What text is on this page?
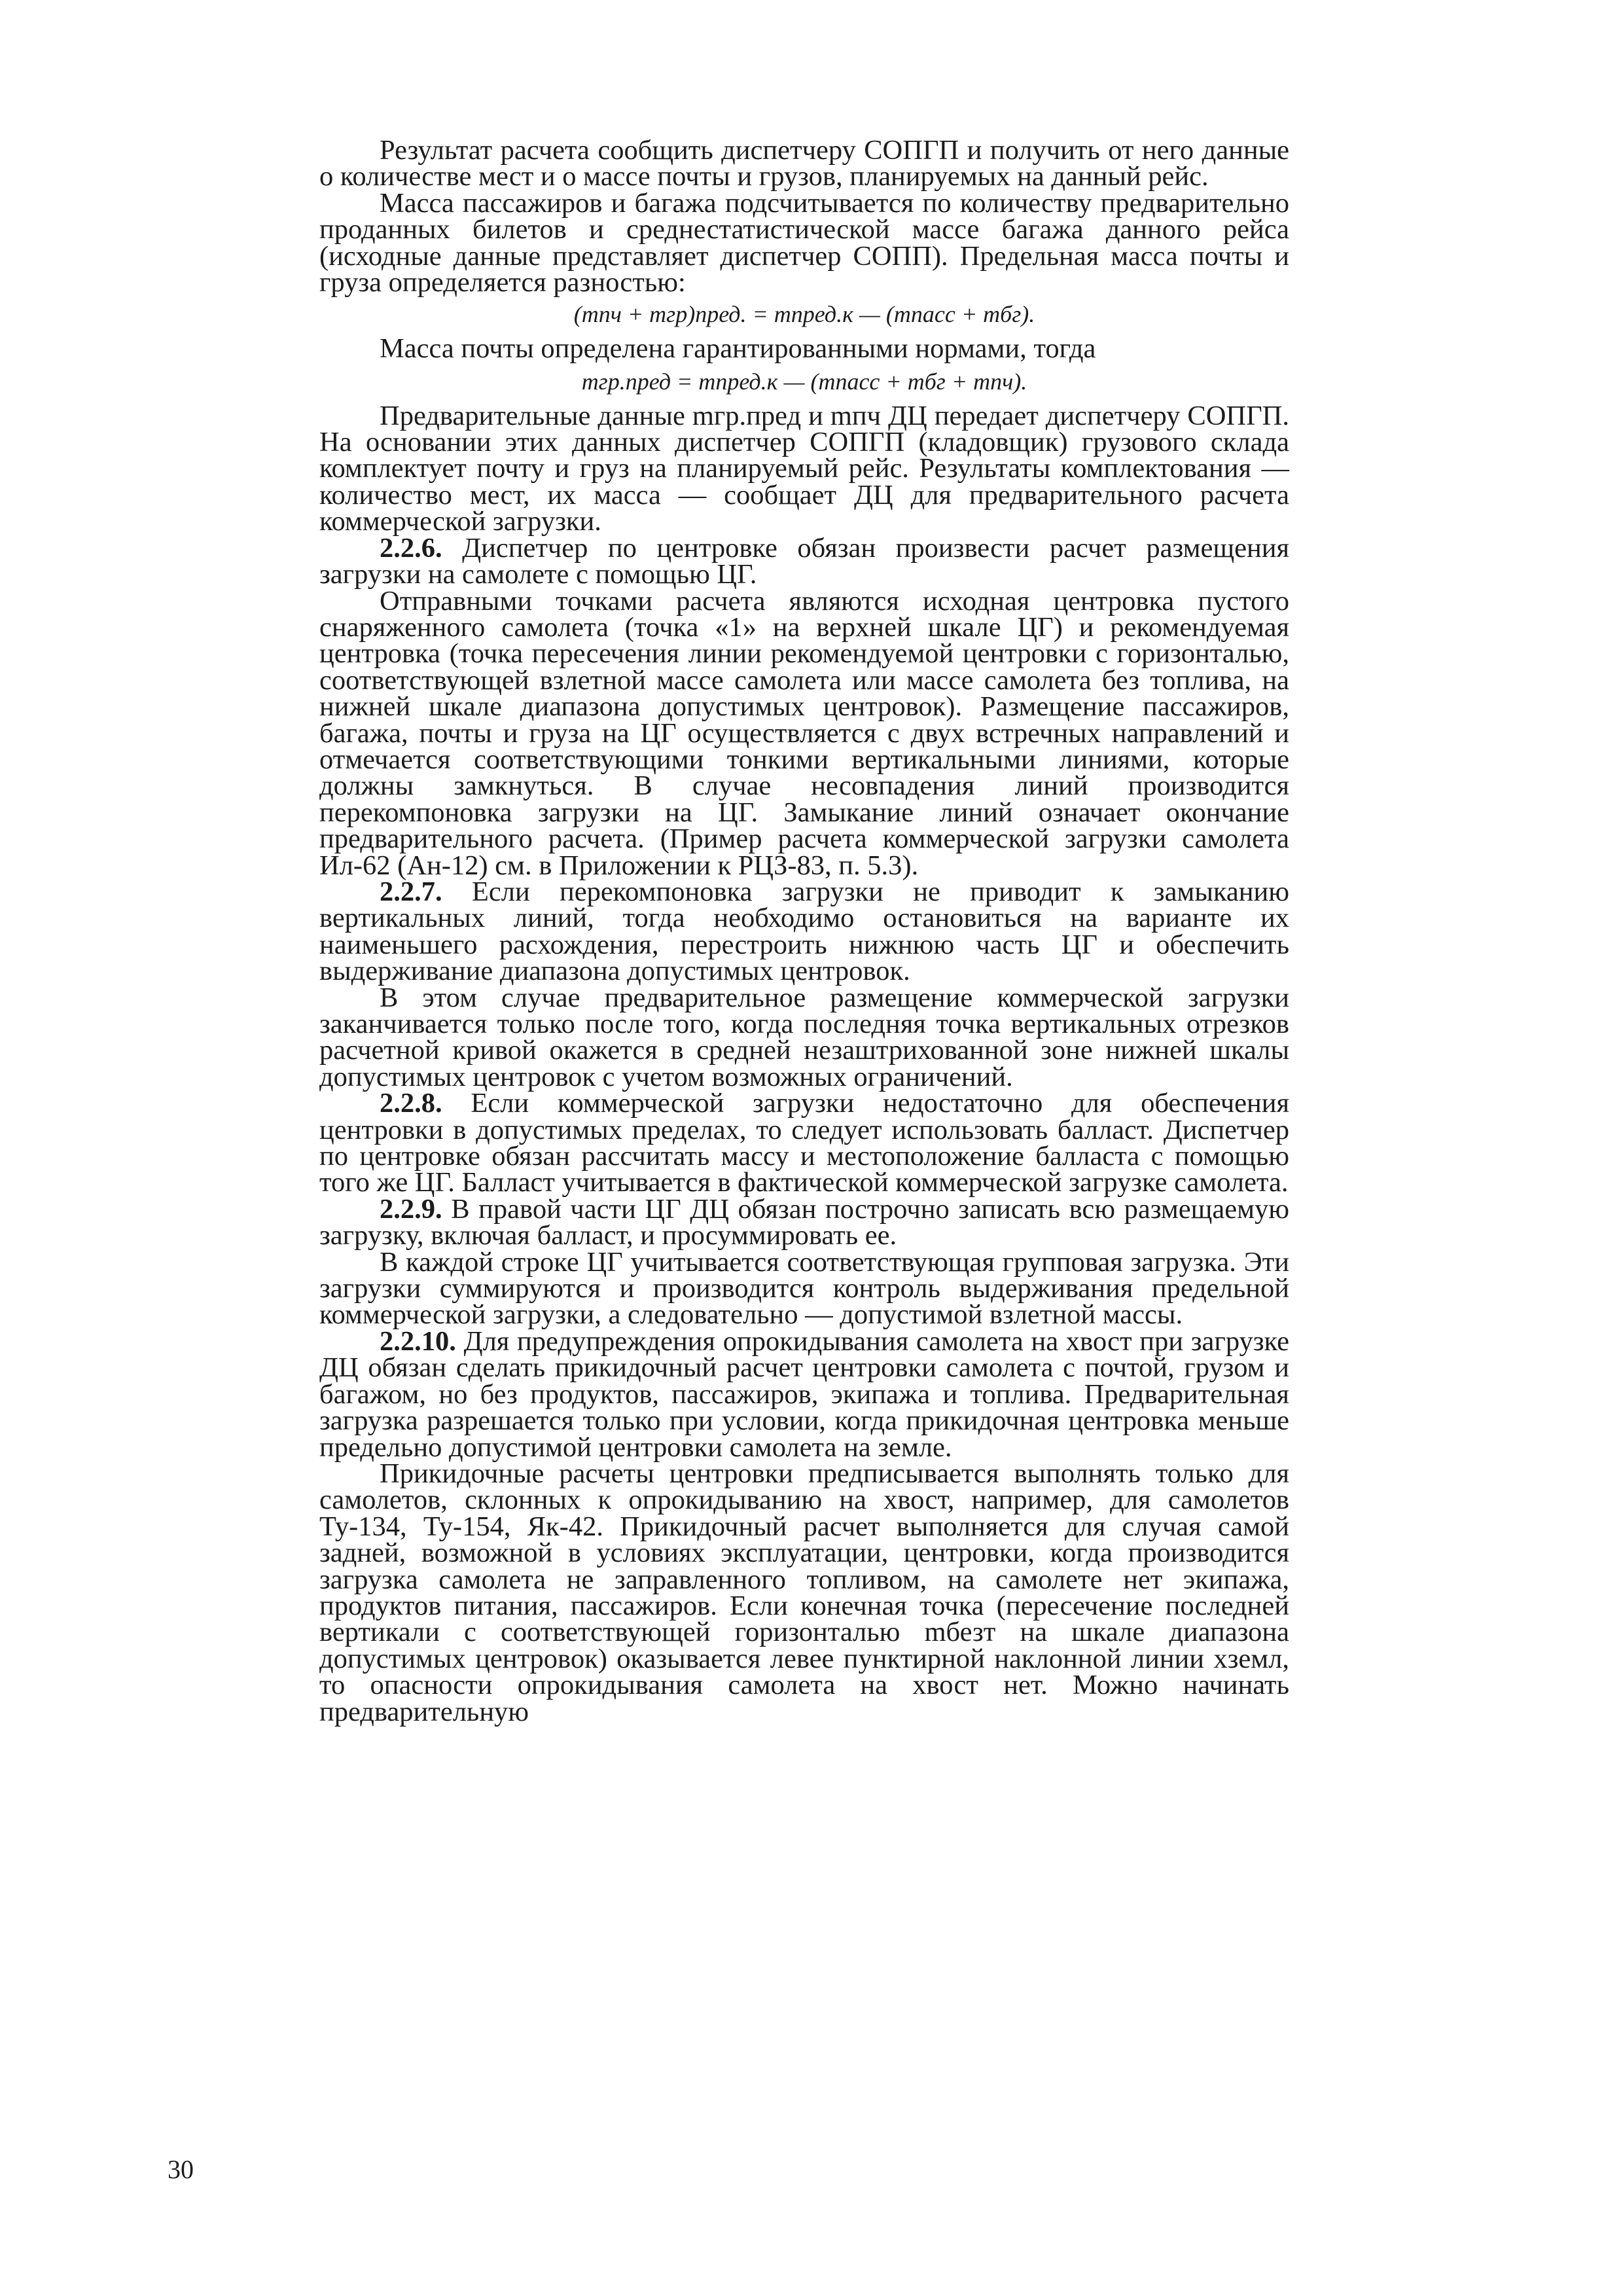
Результат расчета сообщить диспетчеру СОПГП и получить от него данные о количестве мест и о массе почты и грузов, планируемых на данный рейс.

Масса пассажиров и багажа подсчитывается по количеству предварительно проданных билетов и среднестатистической массе багажа данного рейса (исходные данные представляет диспетчер СОПП). Предельная масса почты и груза определяется разностью:

(mпч + mгр)пред. = mпред.к — (mпасс + mбг).

Масса почты определена гарантированными нормами, тогда

mгр.пред = mпред.к — (mпасс + mбг + mпч).

Предварительные данные mгр.пред и mпч ДЦ передает диспетчеру СОПГП. На основании этих данных диспетчер СОПГП (кладовщик) грузового склада комплектует почту и груз на планируемый рейс. Результаты комплектования — количество мест, их масса — сообщает ДЦ для предварительного расчета коммерческой загрузки.

2.2.6. Диспетчер по центровке обязан произвести расчет размещения загрузки на самолете с помощью ЦГ.

Отправными точками расчета являются исходная центровка пустого снаряженного самолета (точка «1» на верхней шкале ЦГ) и рекомендуемая центровка (точка пересечения линии рекомендуемой центровки с горизонталью, соответствующей взлетной массе самолета или массе самолета без топлива, на нижней шкале диапазона допустимых центровок). Размещение пассажиров, багажа, почты и груза на ЦГ осуществляется с двух встречных направлений и отмечается соответствующими тонкими вертикальными линиями, которые должны замкнуться. В случае несовпадения линий производится перекомпоновка загрузки на ЦГ. Замыкание линий означает окончание предварительного расчета. (Пример расчета коммерческой загрузки самолета Ил-62 (Ан-12) см. в Приложении к РЦЗ-83, п. 5.3).

2.2.7. Если перекомпоновка загрузки не приводит к замыканию вертикальных линий, тогда необходимо остановиться на варианте их наименьшего расхождения, перестроить нижнюю часть ЦГ и обеспечить выдерживание диапазона допустимых центровок.

В этом случае предварительное размещение коммерческой загрузки заканчивается только после того, когда последняя точка вертикальных отрезков расчетной кривой окажется в средней незаштрихованной зоне нижней шкалы допустимых центровок с учетом возможных ограничений.

2.2.8. Если коммерческой загрузки недостаточно для обеспечения центровки в допустимых пределах, то следует использовать балласт. Диспетчер по центровке обязан рассчитать массу и местоположение балласта с помощью того же ЦГ. Балласт учитывается в фактической коммерческой загрузке самолета.

2.2.9. В правой части ЦГ ДЦ обязан построчно записать всю размещаемую загрузку, включая балласт, и просуммировать ее.

В каждой строке ЦГ учитывается соответствующая групповая загрузка. Эти загрузки суммируются и производится контроль выдерживания предельной коммерческой загрузки, а следовательно — допустимой взлетной массы.

2.2.10. Для предупреждения опрокидывания самолета на хвост при загрузке ДЦ обязан сделать прикидочный расчет центровки самолета с почтой, грузом и багажом, но без продуктов, пассажиров, экипажа и топлива. Предварительная загрузка разрешается только при условии, когда прикидочная центровка меньше предельно допустимой центровки самолета на земле.

Прикидочные расчеты центровки предписывается выполнять только для самолетов, склонных к опрокидыванию на хвост, например, для самолетов Ту-134, Ту-154, Як-42. Прикидочный расчет выполняется для случая самой задней, возможной в условиях эксплуатации, центровки, когда производится загрузка самолета не заправленного топливом, на самолете нет экипажа, продуктов питания, пассажиров. Если конечная точка (пересечение последней вертикали с соответствующей горизонталью mбезт на шкале диапазона допустимых центровок) оказывается левее пунктирной наклонной линии xземл, то опасности опрокидывания самолета на хвост нет. Можно начинать предварительную

30
